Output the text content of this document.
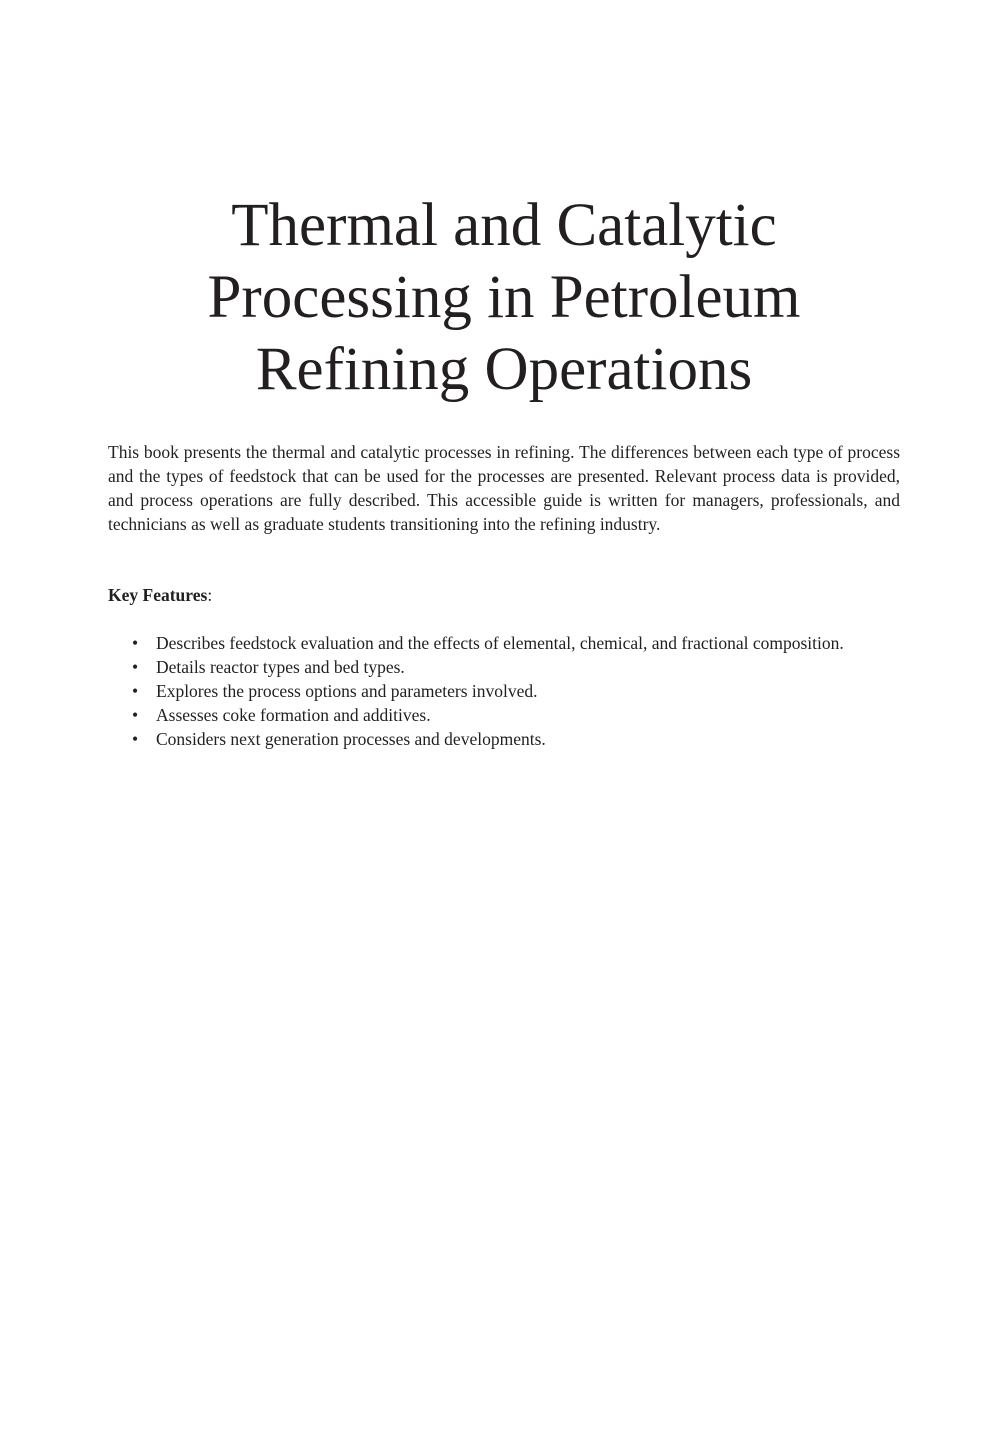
Thermal and Catalytic
Processing in Petroleum
Refining Operations

This book presents the thermal and catalytic processes in refining. The differences between each type of process and the types of feedstock that can be used for the processes are presented. Relevant process data is provided, and process operations are fully described. This accessible guide is written for managers, professionals, and technicians as well as graduate students transitioning into the refining industry.

Key Features:

• Describes feedstock evaluation and the effects of elemental, chemical, and fractional composition.
• Details reactor types and bed types.
• Explores the process options and parameters involved.
• Assesses coke formation and additives.
• Considers next generation processes and developments.
